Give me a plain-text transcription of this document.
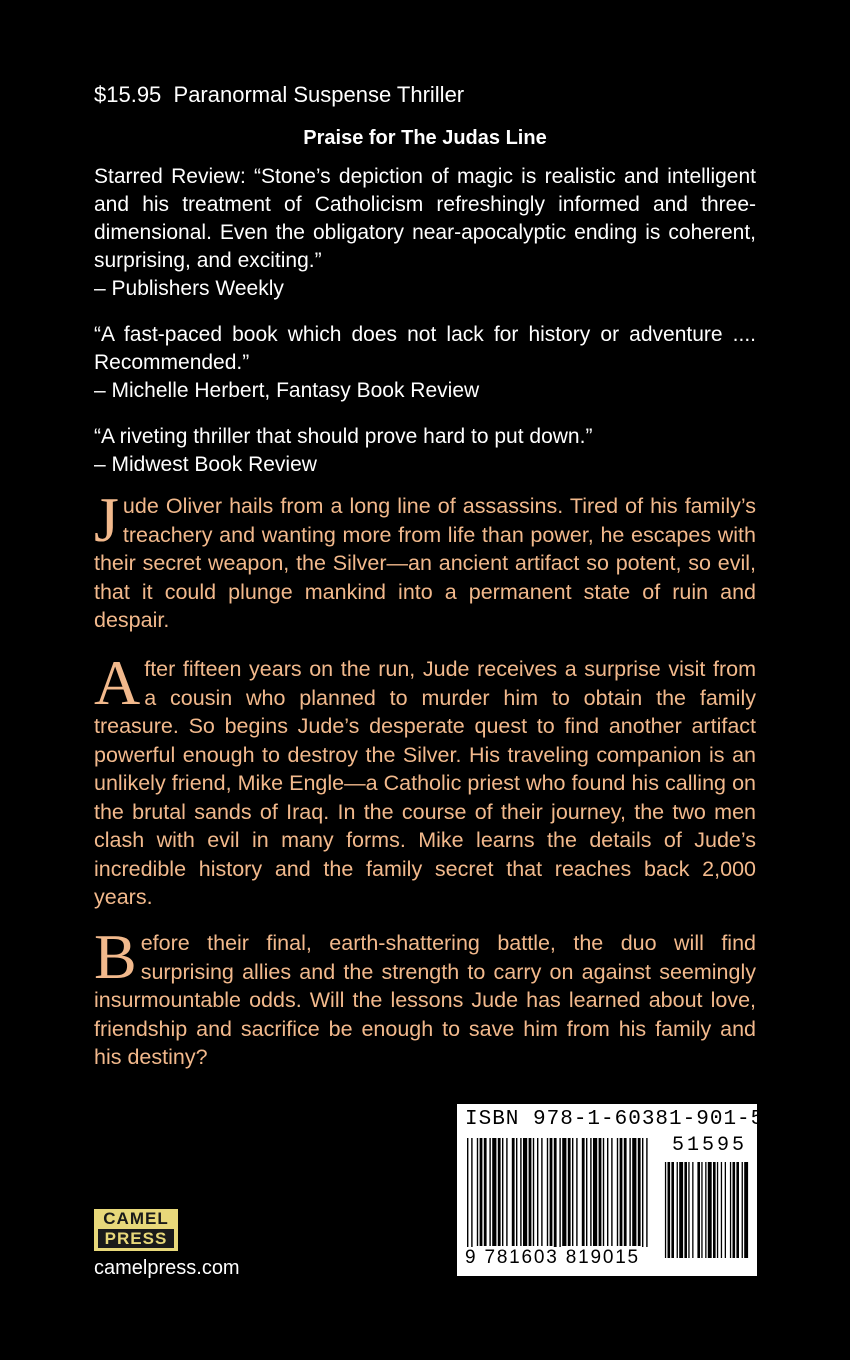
$15.95  Paranormal Suspense Thriller
Praise for The Judas Line

Starred Review: “Stone’s depiction of magic is realistic and intelligent and his treatment of Catholicism refreshingly informed and three-dimensional. Even the obligatory near-apocalyptic ending is coherent, surprising, and exciting.”

– Publishers Weekly

“A fast-paced book which does not lack for history or adventure .... Recommended.”

– Michelle Herbert, Fantasy Book Review

“A riveting thriller that should prove hard to put down.”

– Midwest Book Review

Jude Oliver hails from a long line of assassins. Tired of his family’s treachery and wanting more from life than power, he escapes with their secret weapon, the Silver—an ancient artifact so potent, so evil, that it could plunge mankind into a permanent state of ruin and despair.

After fifteen years on the run, Jude receives a surprise visit from a cousin who planned to murder him to obtain the family treasure. So begins Jude’s desperate quest to find another artifact powerful enough to destroy the Silver. His traveling companion is an unlikely friend, Mike Engle—a Catholic priest who found his calling on the brutal sands of Iraq. In the course of their journey, the two men clash with evil in many forms. Mike learns the details of Jude’s incredible history and the family secret that reaches back 2,000 years.

Before their final, earth-shattering battle, the duo will find surprising allies and the strength to carry on against seemingly insurmountable odds. Will the lessons Jude has learned about love, friendship and sacrifice be enough to save him from his family and his destiny?

CAMEL
PRESS
camelpress.com
ISBN 978-1-60381-901-5
51595
9 781603 819015
